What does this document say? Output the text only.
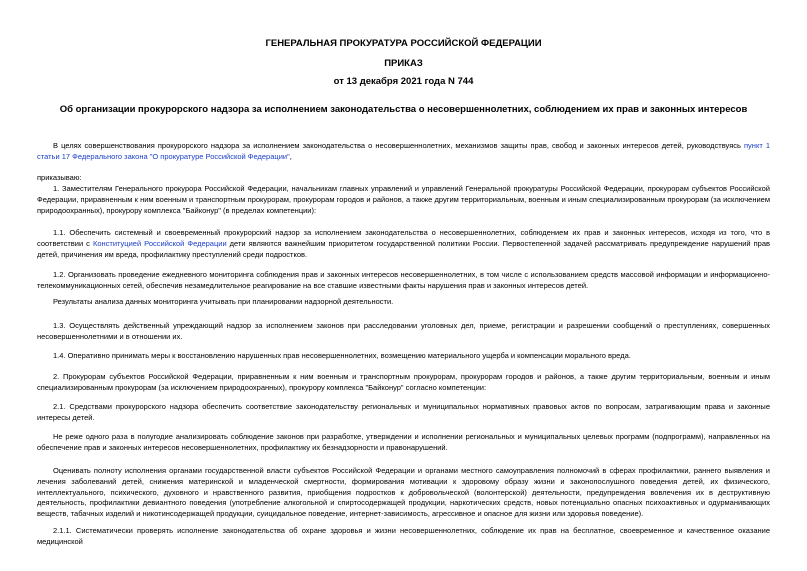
ГЕНЕРАЛЬНАЯ ПРОКУРАТУРА РОССИЙСКОЙ ФЕДЕРАЦИИ
ПРИКАЗ
от 13 декабря 2021 года N 744
Об организации прокурорского надзора за исполнением законодательства о несовершеннолетних, соблюдением их прав и законных интересов
В целях совершенствования прокурорского надзора за исполнением законодательства о несовершеннолетних, механизмов защиты прав, свобод и законных интересов детей, руководствуясь пункт 1 статьи 17 Федерального закона "О прокуратуре Российской Федерации",
приказываю:
1. Заместителям Генерального прокурора Российской Федерации, начальникам главных управлений и управлений Генеральной прокуратуры Российской Федерации, прокурорам субъектов Российской Федерации, приравненным к ним военным и транспортным прокурорам, прокурорам городов и районов, а также другим территориальным, военным и иным специализированным прокурорам (за исключением природоохранных), прокурору комплекса "Байконур" (в пределах компетенции):
1.1. Обеспечить системный и своевременный прокурорский надзор за исполнением законодательства о несовершеннолетних, соблюдением их прав и законных интересов, исходя из того, что в соответствии с Конституцией Российской Федерации дети являются важнейшим приоритетом государственной политики России. Первостепенной задачей рассматривать предупреждение нарушений прав детей, причинения им вреда, профилактику преступлений среди подростков.
1.2. Организовать проведение ежедневного мониторинга соблюдения прав и законных интересов несовершеннолетних, в том числе с использованием средств массовой информации и информационно-телекоммуникационных сетей, обеспечив незамедлительное реагирование на все ставшие известными факты нарушения прав и законных интересов детей.
Результаты анализа данных мониторинга учитывать при планировании надзорной деятельности.
1.3. Осуществлять действенный упреждающий надзор за исполнением законов при расследовании уголовных дел, приеме, регистрации и разрешении сообщений о преступлениях, совершенных несовершеннолетними и в отношении их.
1.4. Оперативно принимать меры к восстановлению нарушенных прав несовершеннолетних, возмещению материального ущерба и компенсации морального вреда.
2. Прокурорам субъектов Российской Федерации, приравненным к ним военным и транспортным прокурорам, прокурорам городов и районов, а также другим территориальным, военным и иным специализированным прокурорам (за исключением природоохранных), прокурору комплекса "Байконур" согласно компетенции:
2.1. Средствами прокурорского надзора обеспечить соответствие законодательству региональных и муниципальных нормативных правовых актов по вопросам, затрагивающим права и законные интересы детей.
Не реже одного раза в полугодие анализировать соблюдение законов при разработке, утверждении и исполнении региональных и муниципальных целевых программ (подпрограмм), направленных на обеспечение прав и законных интересов несовершеннолетних, профилактику их безнадзорности и правонарушений.
Оценивать полноту исполнения органами государственной власти субъектов Российской Федерации и органами местного самоуправления полномочий в сферах профилактики, раннего выявления и лечения заболеваний детей, снижения материнской и младенческой смертности, формирования мотивации к здоровому образу жизни и законопослушного поведения детей, их физического, интеллектуального, психического, духовного и нравственного развития, приобщения подростков к добровольческой (волонтерской) деятельности, предупреждения вовлечения их в деструктивную деятельность, профилактики девиантного поведения (употребление алкогольной и спиртосодержащей продукции, наркотических средств, новых потенциально опасных психоактивных и одурманивающих веществ, табачных изделий и никотинсодержащей продукции, суицидальное поведение, интернет-зависимость, агрессивное и опасное для жизни или здоровья поведение).
2.1.1. Систематически проверять исполнение законодательства об охране здоровья и жизни несовершеннолетних, соблюдение их прав на бесплатное, своевременное и качественное оказание медицинской
